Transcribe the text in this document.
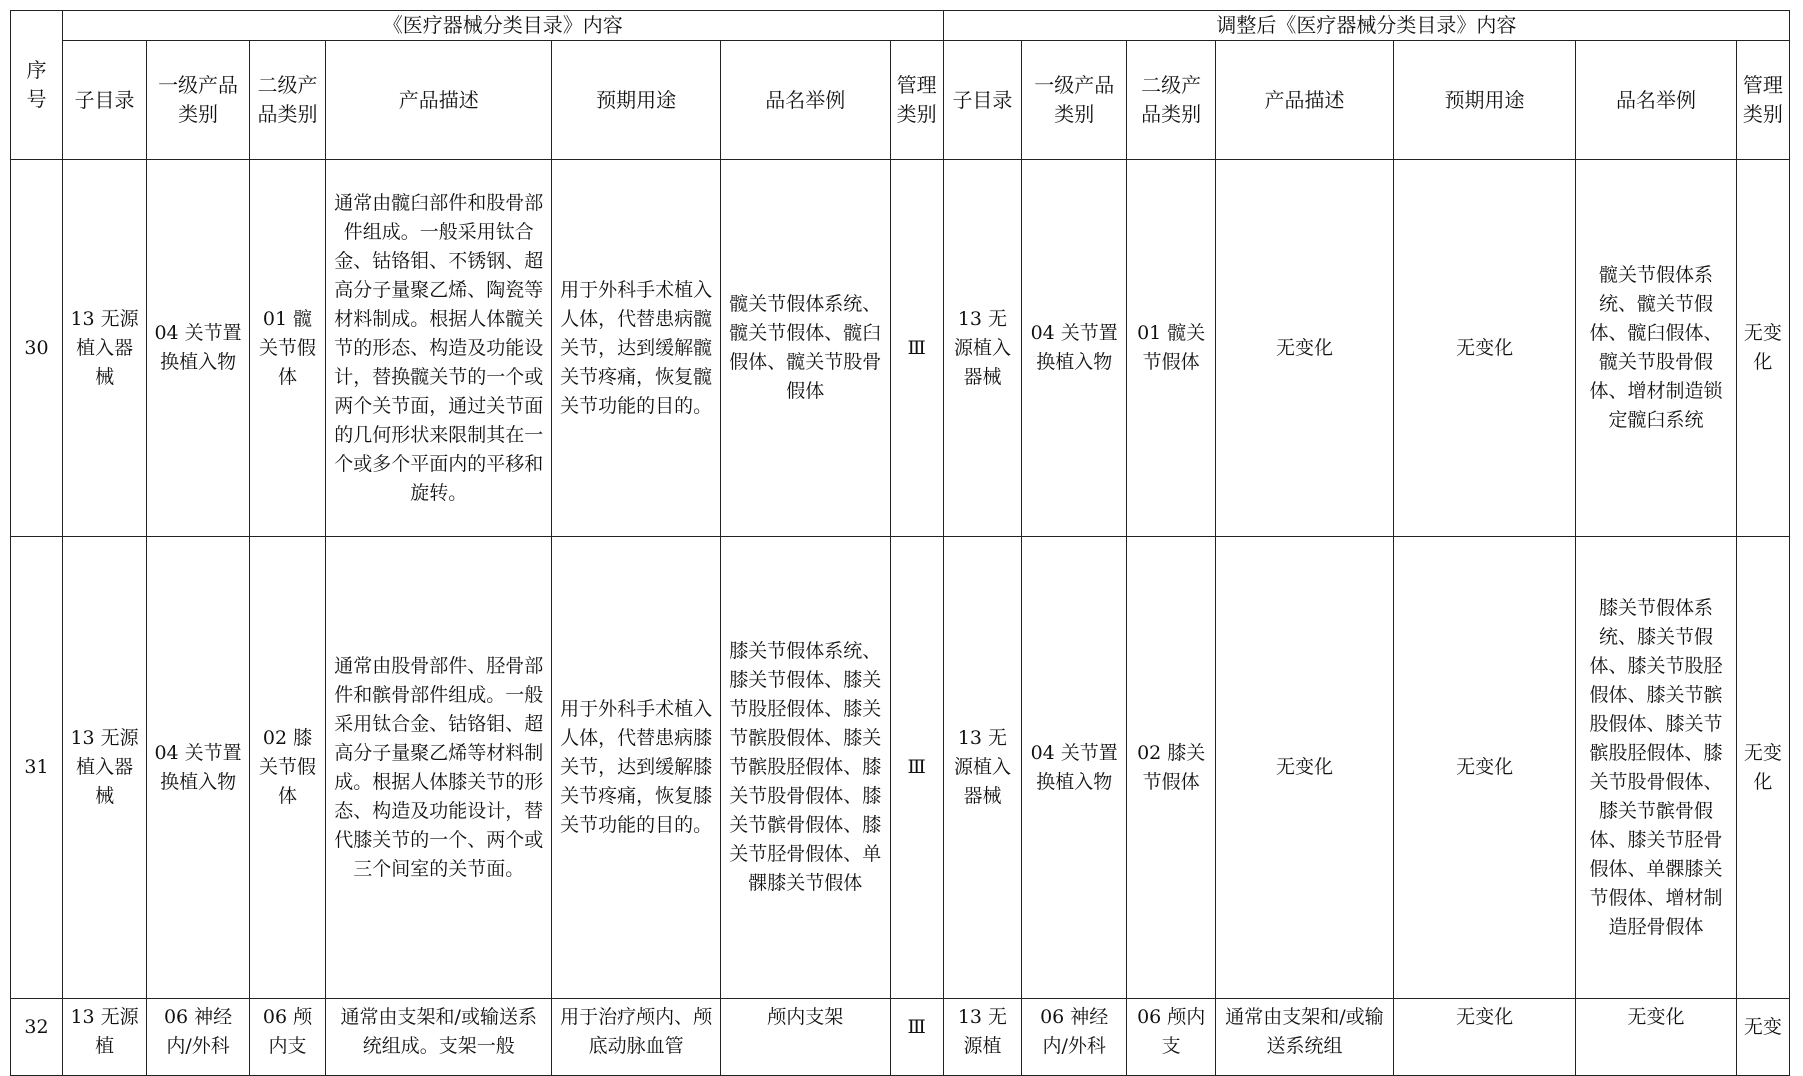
序号	《医疗器械分类目录》内容							调整后《医疗器械分类目录》内容						
	子目录	一级产品类别	二级产品类别	产品描述	预期用途	品名举例	管理类别	子目录	一级产品类别	二级产品类别	产品描述	预期用途	品名举例	管理类别
30	13 无源植入器械	04 关节置换植入物	01 髋关节假体	通常由髋臼部件和股骨部件组成。一般采用钛合金、钴铬钼、不锈钢、超高分子量聚乙烯、陶瓷等材料制成。根据人体髋关节的形态、构造及功能设计，替换髋关节的一个或两个关节面，通过关节面的几何形状来限制其在一个或多个平面内的平移和旋转。	用于外科手术植入人体，代替患病髋关节，达到缓解髋关节疼痛，恢复髋关节功能的目的。	髋关节假体系统、髋关节假体、髋臼假体、髋关节股骨假体	Ⅲ	13 无源植入器械	04 关节置换植入物	01 髋关节假体	无变化	无变化	髋关节假体系统、髋关节假体、髋臼假体、髋关节股骨假体、增材制造锁定髋臼系统	无变化
31	13 无源植入器械	04 关节置换植入物	02 膝关节假体	通常由股骨部件、胫骨部件和髌骨部件组成。一般采用钛合金、钴铬钼、超高分子量聚乙烯等材料制成。根据人体膝关节的形态、构造及功能设计，替代膝关节的一个、两个或三个间室的关节面。	用于外科手术植入人体，代替患病膝关节，达到缓解膝关节疼痛，恢复膝关节功能的目的。	膝关节假体系统、膝关节假体、膝关节股胫假体、膝关节髌股假体、膝关节髌股胫假体、膝关节股骨假体、膝关节髌骨假体、膝关节胫骨假体、单髁膝关节假体	Ⅲ	13 无源植入器械	04 关节置换植入物	02 膝关节假体	无变化	无变化	膝关节假体系统、膝关节假体、膝关节股胫假体、膝关节髌股假体、膝关节髌股胫假体、膝关节股骨假体、膝关节髌骨假体、膝关节胫骨假体、单髁膝关节假体、增材制造胫骨假体	无变化
32	13 无源植	06 神经内/外科	06 颅内支	通常由支架和/或输送系统组成。支架一般	用于治疗颅内、颅底动脉血管	颅内支架	Ⅲ	13 无源植	06 神经内/外科	06 颅内支	通常由支架和/或输送系统组	无变化	无变化	无变
